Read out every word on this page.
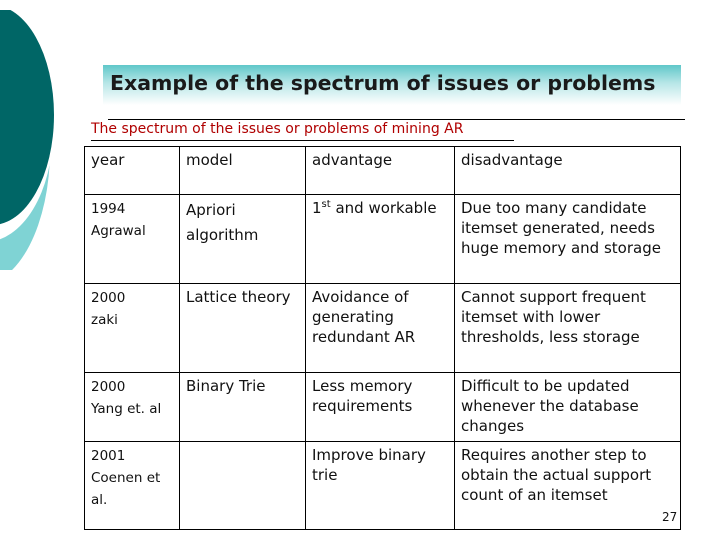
Example of the spectrum of issues or problems
The spectrum of the issues or problems of mining AR
year	model	advantage	disadvantage

1994
Agrawal	Apriori algorithm	1st and workable	Due too many candidate itemset generated, needs huge memory and storage

2000
zaki	Lattice theory	Avoidance of generating redundant AR	Cannot support frequent itemset with lower thresholds, less storage

2000
Yang et. al	Binary Trie	Less memory requirements	Difficult to be updated whenever the database changes

2001
Coenen et al.		Improve binary trie	Requires another step to obtain the actual support count of an itemset
27
